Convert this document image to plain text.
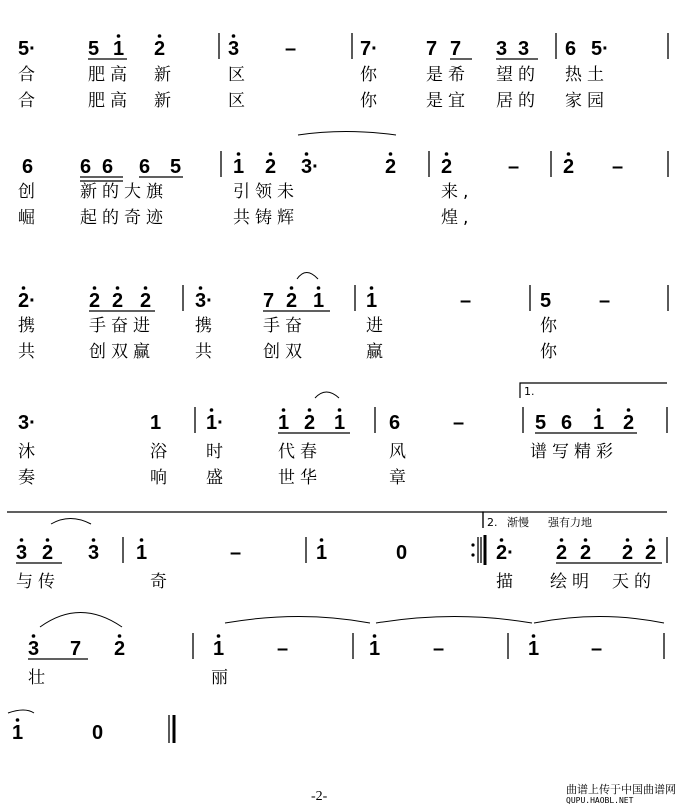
5·	5 1 2	3 –	7· 7 7 3 3 6 5·
6 6 6 6 5	1 2 3·	2 2	– 2 –
2·	2 2 2 3·	7 2 1 1	–	5 –
3·	1 1·	1 2 1 6	–	5 6 1 2
3 2 3 1	–	1	0	2· 2 2 2 2
3 7 2	1	–	1	–	1	–
1	0
合	肥高 新	区	你	是希 望的 热土
合	肥高 新	区	你	是宜 居的 家园
创	新的大旗	引领未	来,
崛	起的奇迹	共铸辉	煌,
携	手奋进 携	手奋	进	你
共	创双赢 共	创双	赢	你
沐	浴 时	代春	风	谱写精彩
奏	响 盛	世华	章
与传	奇	描 绘明 天的
壮	丽
1.
2. 渐慢 强有力地
-2-	曲谱上传于中国曲谱网
QUPU.HAOBL.NET
